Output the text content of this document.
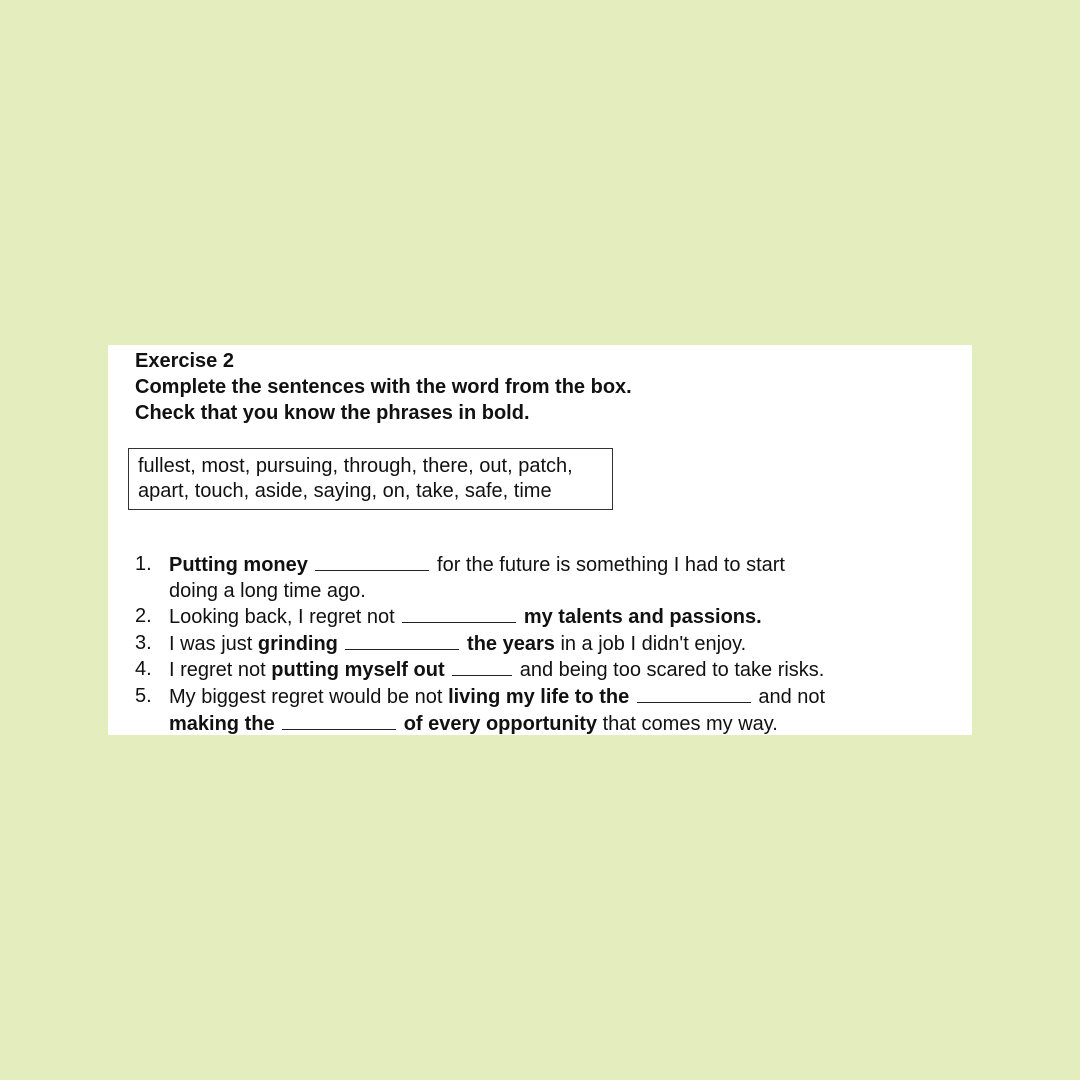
Exercise 2
Complete the sentences with the word from the box.
Check that you know the phrases in bold.
fullest, most, pursuing, through, there, out, patch,
apart, touch, aside, saying, on, take, safe, time
1. Putting money	for the future is something I had to start
doing a long time ago.
2. Looking back, I regret not	my talents and passions.
3. I was just grinding	the years in a job I didn't enjoy.
4. I regret not putting myself out	and being too scared to take risks.
5. My biggest regret would be not living my life to the	and not
making the	of every opportunity that comes my way.
